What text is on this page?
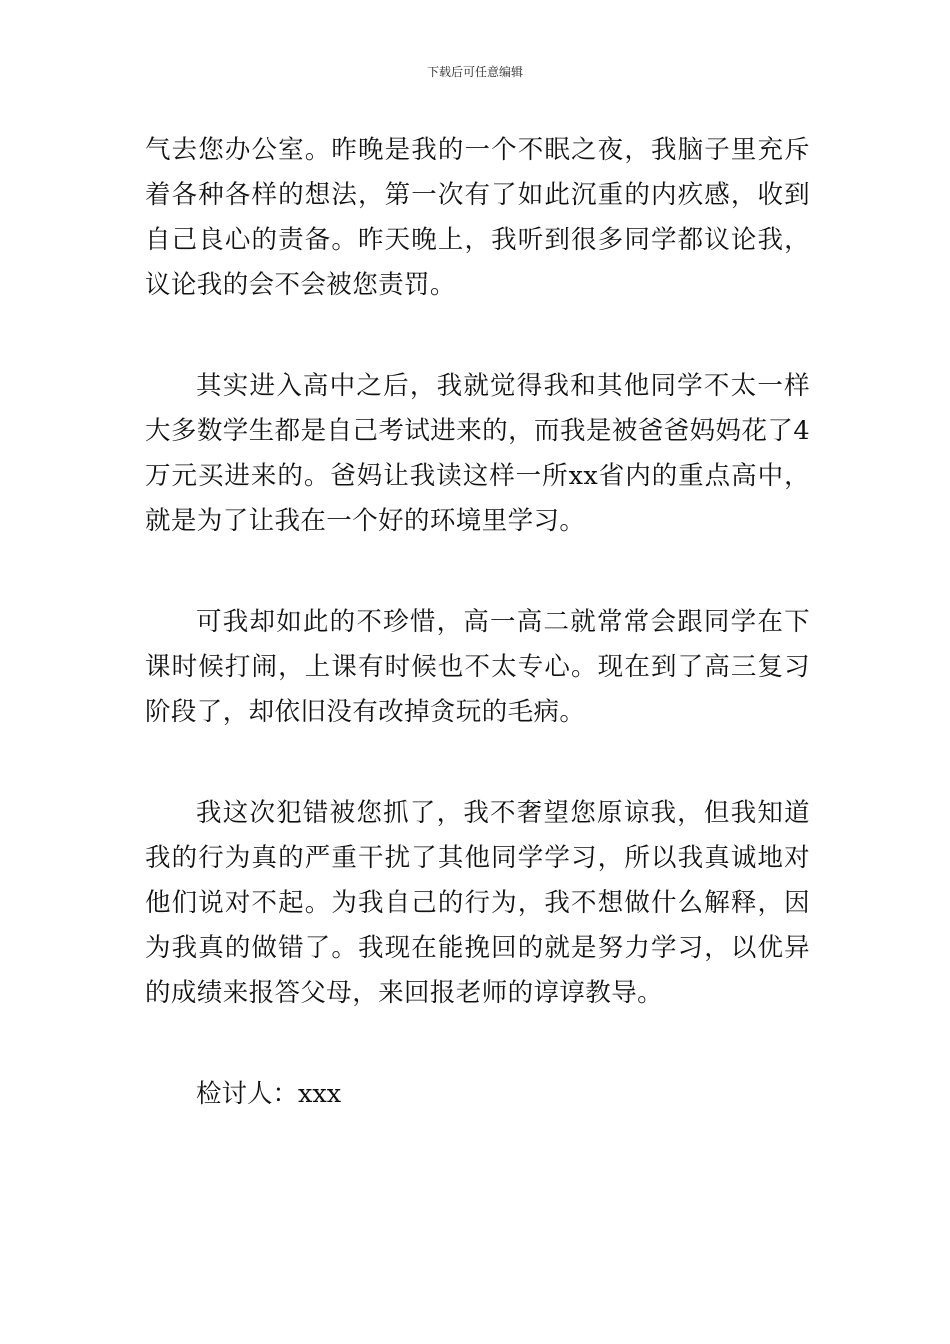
下载后可任意编辑

气去您办公室。昨晚是我的一个不眠之夜，我脑子里充斥着各种各样的想法，第一次有了如此沉重的内疚感，收到自己良心的责备。昨天晚上，我听到很多同学都议论我，议论我的会不会被您责罚。

其实进入高中之后，我就觉得我和其他同学不太一样大多数学生都是自己考试进来的，而我是被爸爸妈妈花了4万元买进来的。爸妈让我读这样一所xx省内的重点高中，就是为了让我在一个好的环境里学习。

可我却如此的不珍惜，高一高二就常常会跟同学在下课时候打闹，上课有时候也不太专心。现在到了高三复习阶段了，却依旧没有改掉贪玩的毛病。

我这次犯错被您抓了，我不奢望您原谅我，但我知道我的行为真的严重干扰了其他同学学习，所以我真诚地对他们说对不起。为我自己的行为，我不想做什么解释，因为我真的做错了。我现在能挽回的就是努力学习，以优异的成绩来报答父母，来回报老师的谆谆教导。

检讨人：xxx
